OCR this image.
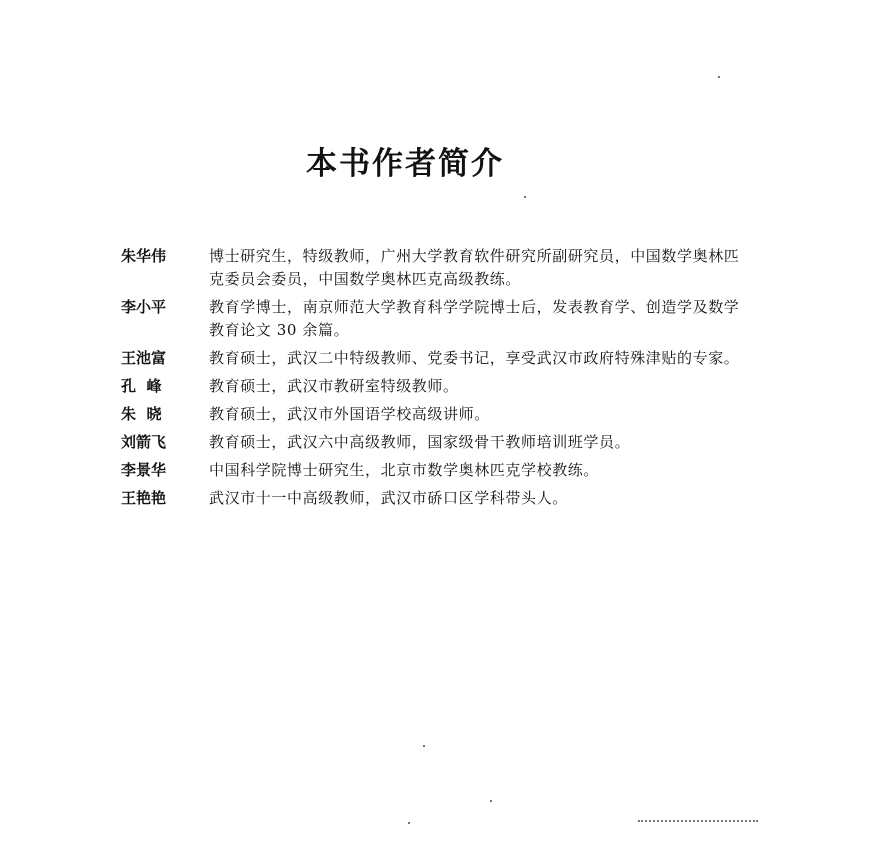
本书作者简介
朱华伟	博士研究生，特级教师，广州大学教育软件研究所副研究员，中国数学奥林匹克委员会委员，中国数学奥林匹克高级教练。
李小平	教育学博士，南京师范大学教育科学学院博士后，发表教育学、创造学及数学教育论文 30 余篇。
王池富	教育硕士，武汉二中特级教师、党委书记，享受武汉市政府特殊津贴的专家。
孔  峰	教育硕士，武汉市教研室特级教师。
朱  晓	教育硕士，武汉市外国语学校高级讲师。
刘箭飞	教育硕士，武汉六中高级教师，国家级骨干教师培训班学员。
李景华	中国科学院博士研究生，北京市数学奥林匹克学校教练。
王艳艳	武汉市十一中高级教师，武汉市硚口区学科带头人。
